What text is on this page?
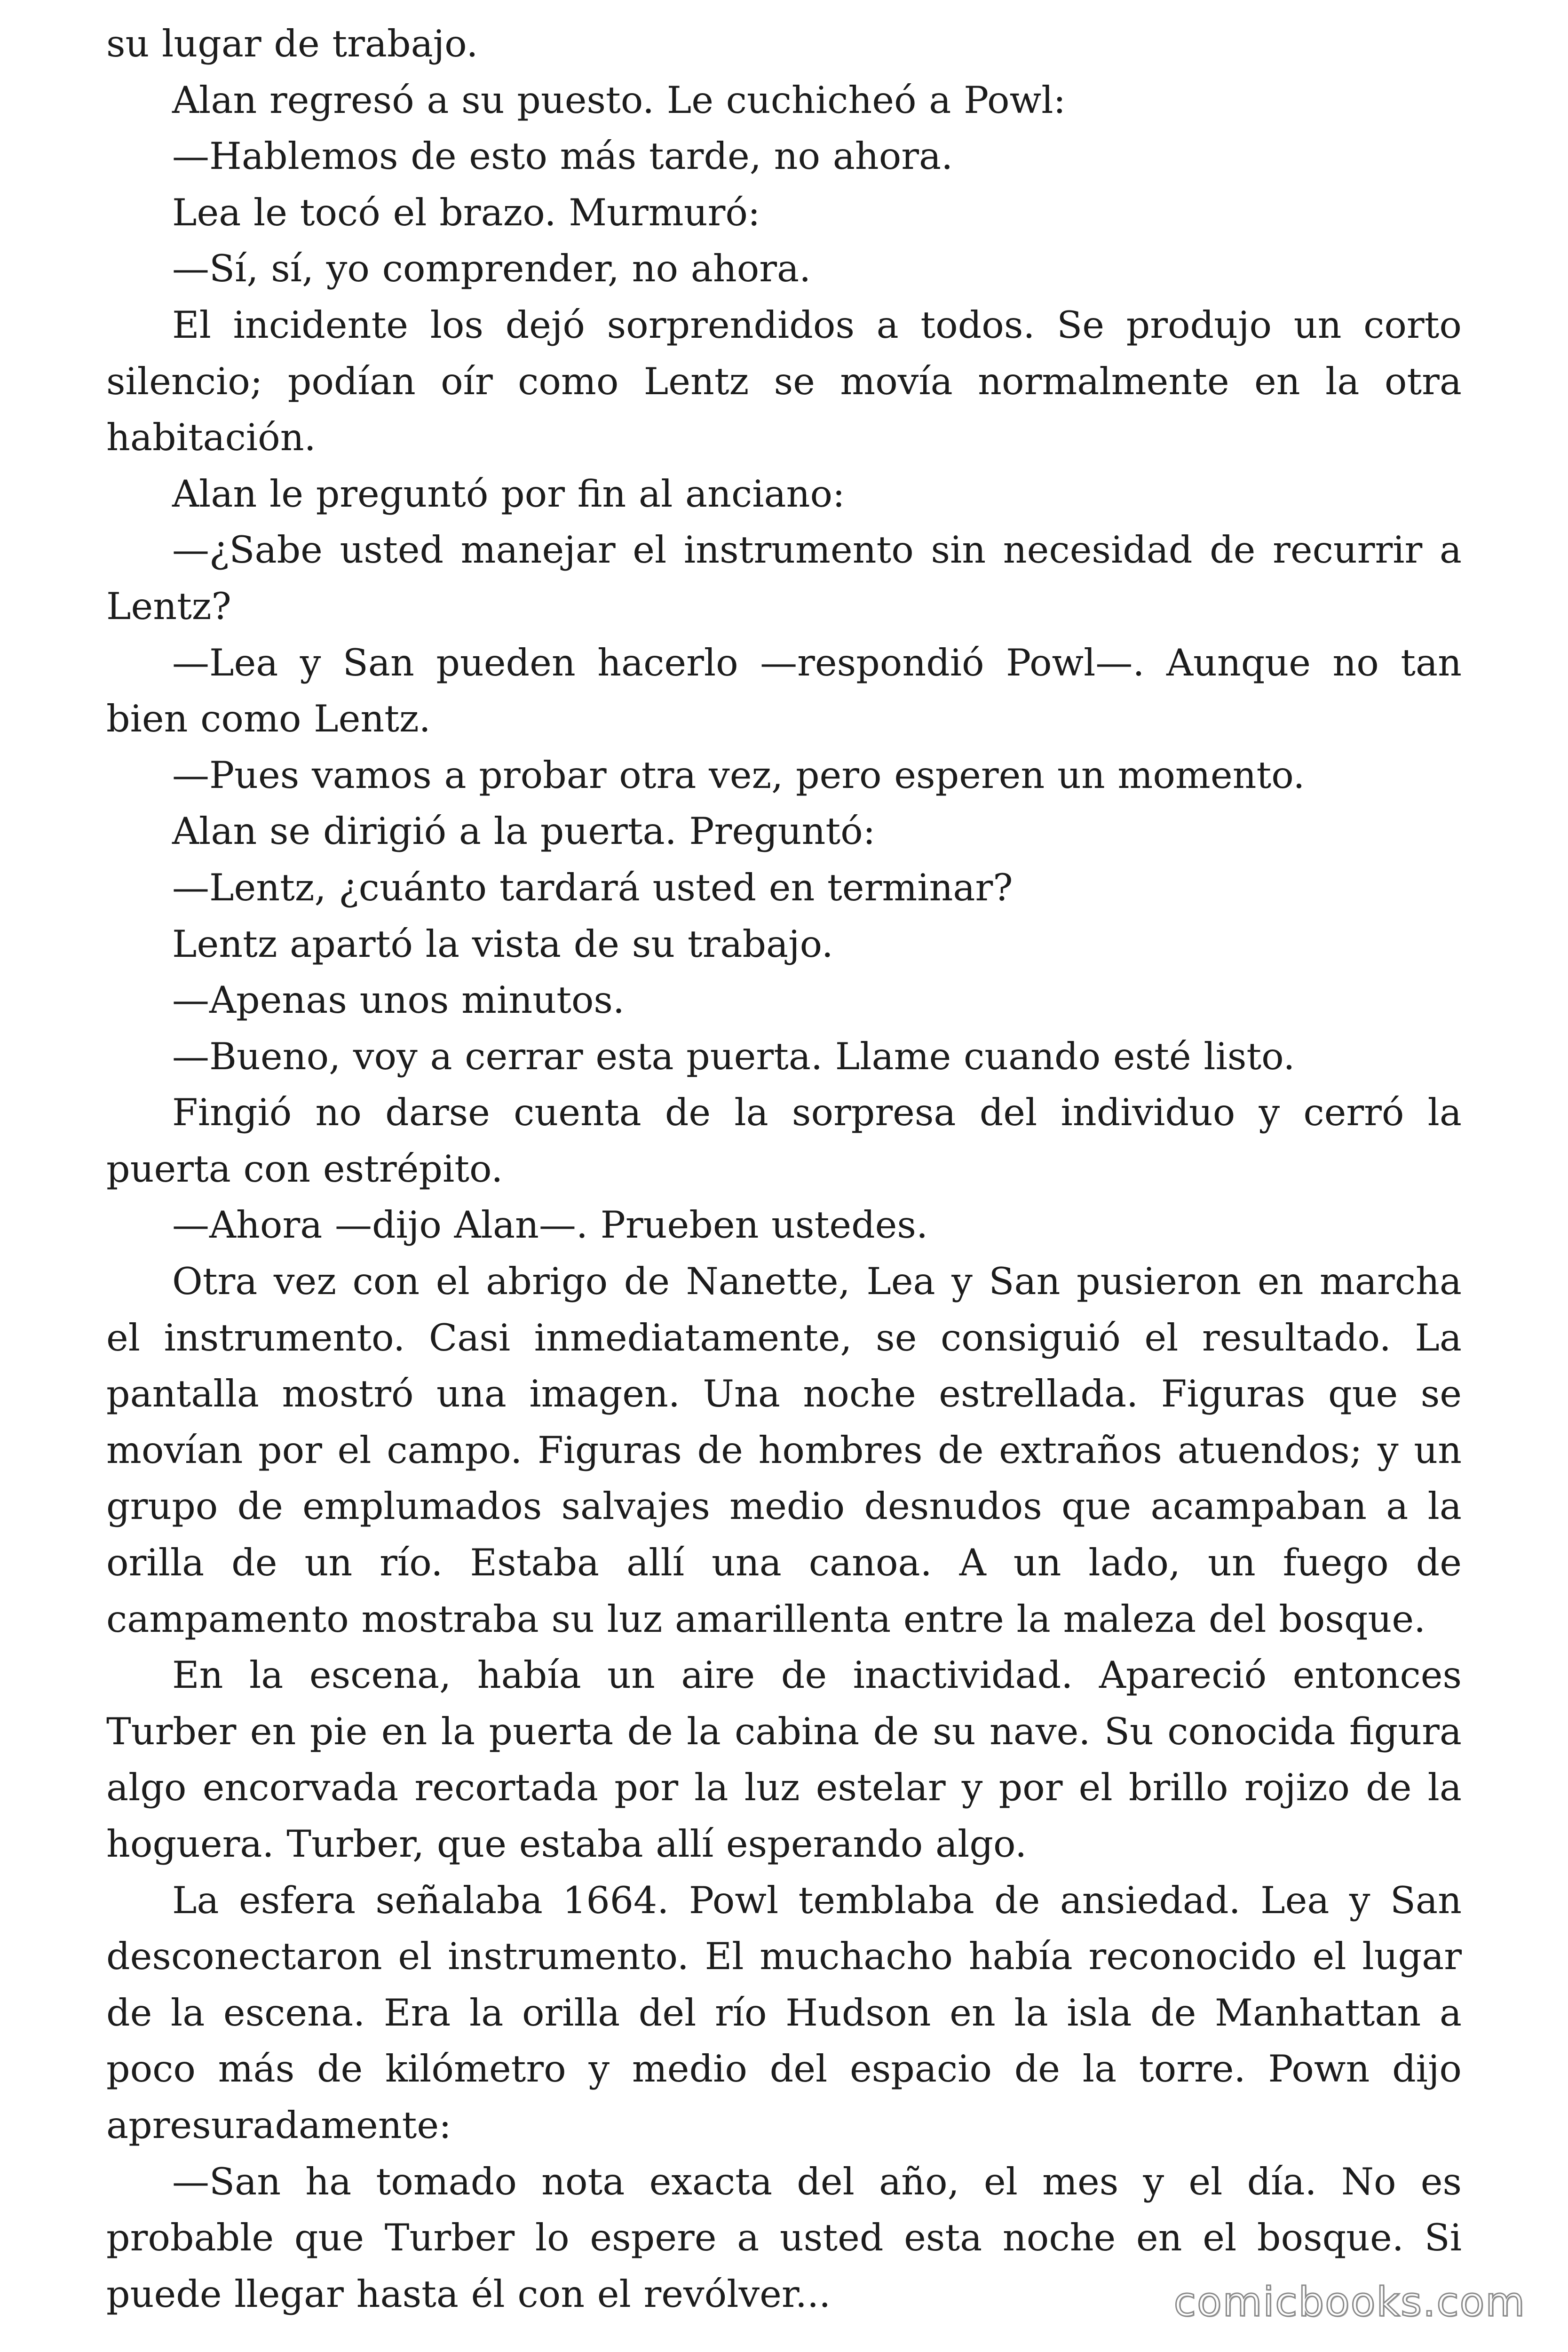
su lugar de trabajo.

Alan regresó a su puesto. Le cuchicheó a Powl:

—Hablemos de esto más tarde, no ahora.

Lea le tocó el brazo. Murmuró:

—Sí, sí, yo comprender, no ahora.

El incidente los dejó sorprendidos a todos. Se produjo un corto silencio; podían oír como Lentz se movía normalmente en la otra habitación.

Alan le preguntó por fin al anciano:

—¿Sabe usted manejar el instrumento sin necesidad de recurrir a Lentz?

—Lea y San pueden hacerlo —respondió Powl—. Aunque no tan bien como Lentz.

—Pues vamos a probar otra vez, pero esperen un momento.

Alan se dirigió a la puerta. Preguntó:

—Lentz, ¿cuánto tardará usted en terminar?

Lentz apartó la vista de su trabajo.

—Apenas unos minutos.

—Bueno, voy a cerrar esta puerta. Llame cuando esté listo.

Fingió no darse cuenta de la sorpresa del individuo y cerró la puerta con estrépito.

—Ahora —dijo Alan—. Prueben ustedes.

Otra vez con el abrigo de Nanette, Lea y San pusieron en marcha el instrumento. Casi inmediatamente, se consiguió el resultado. La pantalla mostró una imagen. Una noche estrellada. Figuras que se movían por el campo. Figuras de hombres de extraños atuendos; y un grupo de emplumados salvajes medio desnudos que acampaban a la orilla de un río. Estaba allí una canoa. A un lado, un fuego de campamento mostraba su luz amarillenta entre la maleza del bosque.

En la escena, había un aire de inactividad. Apareció entonces Turber en pie en la puerta de la cabina de su nave. Su conocida figura algo encorvada recortada por la luz estelar y por el brillo rojizo de la hoguera. Turber, que estaba allí esperando algo.

La esfera señalaba 1664. Powl temblaba de ansiedad. Lea y San desconectaron el instrumento. El muchacho había reconocido el lugar de la escena. Era la orilla del río Hudson en la isla de Manhattan a poco más de kilómetro y medio del espacio de la torre. Pown dijo apresuradamente:

—San ha tomado nota exacta del año, el mes y el día. No es probable que Turber lo espere a usted esta noche en el bosque. Si puede llegar hasta él con el revólver...	comicbooks.com
